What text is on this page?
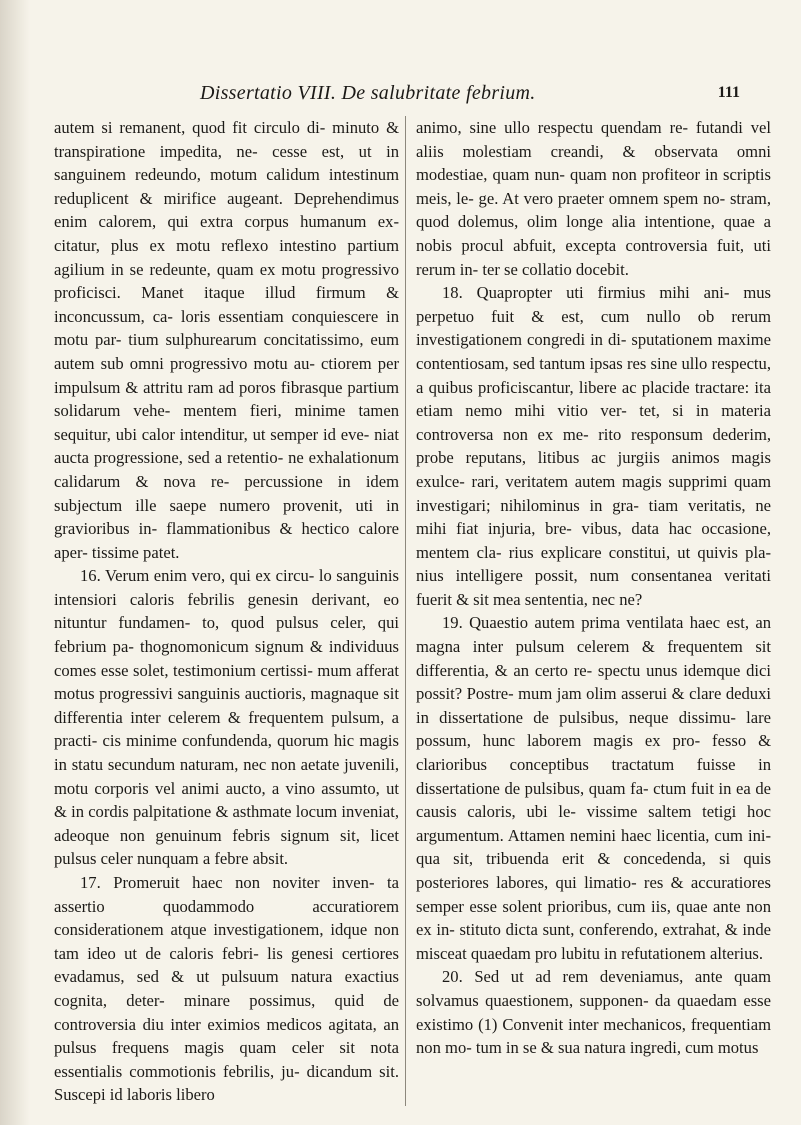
Dissertatio VIII. De salubritate febrium.	111

autem si remanent, quod fit circulo di- minuto & transpiratione impedita, ne- cesse est, ut in sanguinem redeundo, motum calidum intestinum reduplicent & mirifice augeant. Deprehendimus enim calorem, qui extra corpus humanum ex- citatur, plus ex motu reflexo intestino partium agilium in se redeunte, quam ex motu progressivo proficisci. Manet itaque illud firmum & inconcussum, ca- loris essentiam conquiescere in motu par- tium sulphurearum concitatissimo, eum autem sub omni progressivo motu au- ctiorem per impulsum & attritu ram ad poros fibrasque partium solidarum vehe- mentem fieri, minime tamen sequitur, ubi calor intenditur, ut semper id eve- niat aucta progressione, sed a retentio- ne exhalationum calidarum & nova re- percussione in idem subjectum ille saepe numero provenit, uti in gravioribus in- flammationibus & hectico calore aper- tissime patet.

16. Verum enim vero, qui ex circu- lo sanguinis intensiori caloris febrilis genesin derivant, eo nituntur fundamen- to, quod pulsus celer, qui febrium pa- thognomonicum signum & individuus comes esse solet, testimonium certissi- mum afferat motus progressivi sanguinis auctioris, magnaque sit differentia inter celerem & frequentem pulsum, a practi- cis minime confundenda, quorum hic magis in statu secundum naturam, nec non aetate juvenili, motu corporis vel animi aucto, a vino assumto, ut & in cordis palpitatione & asthmate locum inveniat, adeoque non genuinum febris signum sit, licet pulsus celer nunquam a febre absit.

17. Promeruit haec non noviter inven- ta assertio quodammodo accuratiorem considerationem atque investigationem, idque non tam ideo ut de caloris febri- lis genesi certiores evadamus, sed & ut pulsuum natura exactius cognita, deter- minare possimus, quid de controversia diu inter eximios medicos agitata, an pulsus frequens magis quam celer sit nota essentialis commotionis febrilis, ju- dicandum sit. Suscepi id laboris libero

animo, sine ullo respectu quendam re- futandi vel aliis molestiam creandi, & observata omni modestiae, quam nun- quam non profiteor in scriptis meis, le- ge. At vero praeter omnem spem no- stram, quod dolemus, olim longe alia intentione, quae a nobis procul abfuit, excepta controversia fuit, uti rerum in- ter se collatio docebit.

18. Quapropter uti firmius mihi ani- mus perpetuo fuit & est, cum nullo ob rerum investigationem congredi in di- sputationem maxime contentiosam, sed tantum ipsas res sine ullo respectu, a quibus proficiscantur, libere ac placide tractare: ita etiam nemo mihi vitio ver- tet, si in materia controversa non ex me- rito responsum dederim, probe reputans, litibus ac jurgiis animos magis exulce- rari, veritatem autem magis supprimi quam investigari; nihilominus in gra- tiam veritatis, ne mihi fiat injuria, bre- vibus, data hac occasione, mentem cla- rius explicare constitui, ut quivis pla- nius intelligere possit, num consentanea veritati fuerit & sit mea sententia, nec ne?

19. Quaestio autem prima ventilata haec est, an magna inter pulsum celerem & frequentem sit differentia, & an certo re- spectu unus idemque dici possit? Postre- mum jam olim asserui & clare deduxi in dissertatione de pulsibus, neque dissimu- lare possum, hunc laborem magis ex pro- fesso & clarioribus conceptibus tractatum fuisse in dissertatione de pulsibus, quam fa- ctum fuit in ea de causis caloris, ubi le- vissime saltem tetigi hoc argumentum. Attamen nemini haec licentia, cum ini- qua sit, tribuenda erit & concedenda, si quis posteriores labores, qui limatio- res & accuratiores semper esse solent prioribus, cum iis, quae ante non ex in- stituto dicta sunt, conferendo, extrahat, & inde misceat quaedam pro lubitu in refutationem alterius.

20. Sed ut ad rem deveniamus, ante quam solvamus quaestionem, supponen- da quaedam esse existimo (1) Convenit inter mechanicos, frequentiam non mo- tum in se & sua natura ingredi, cum motus
